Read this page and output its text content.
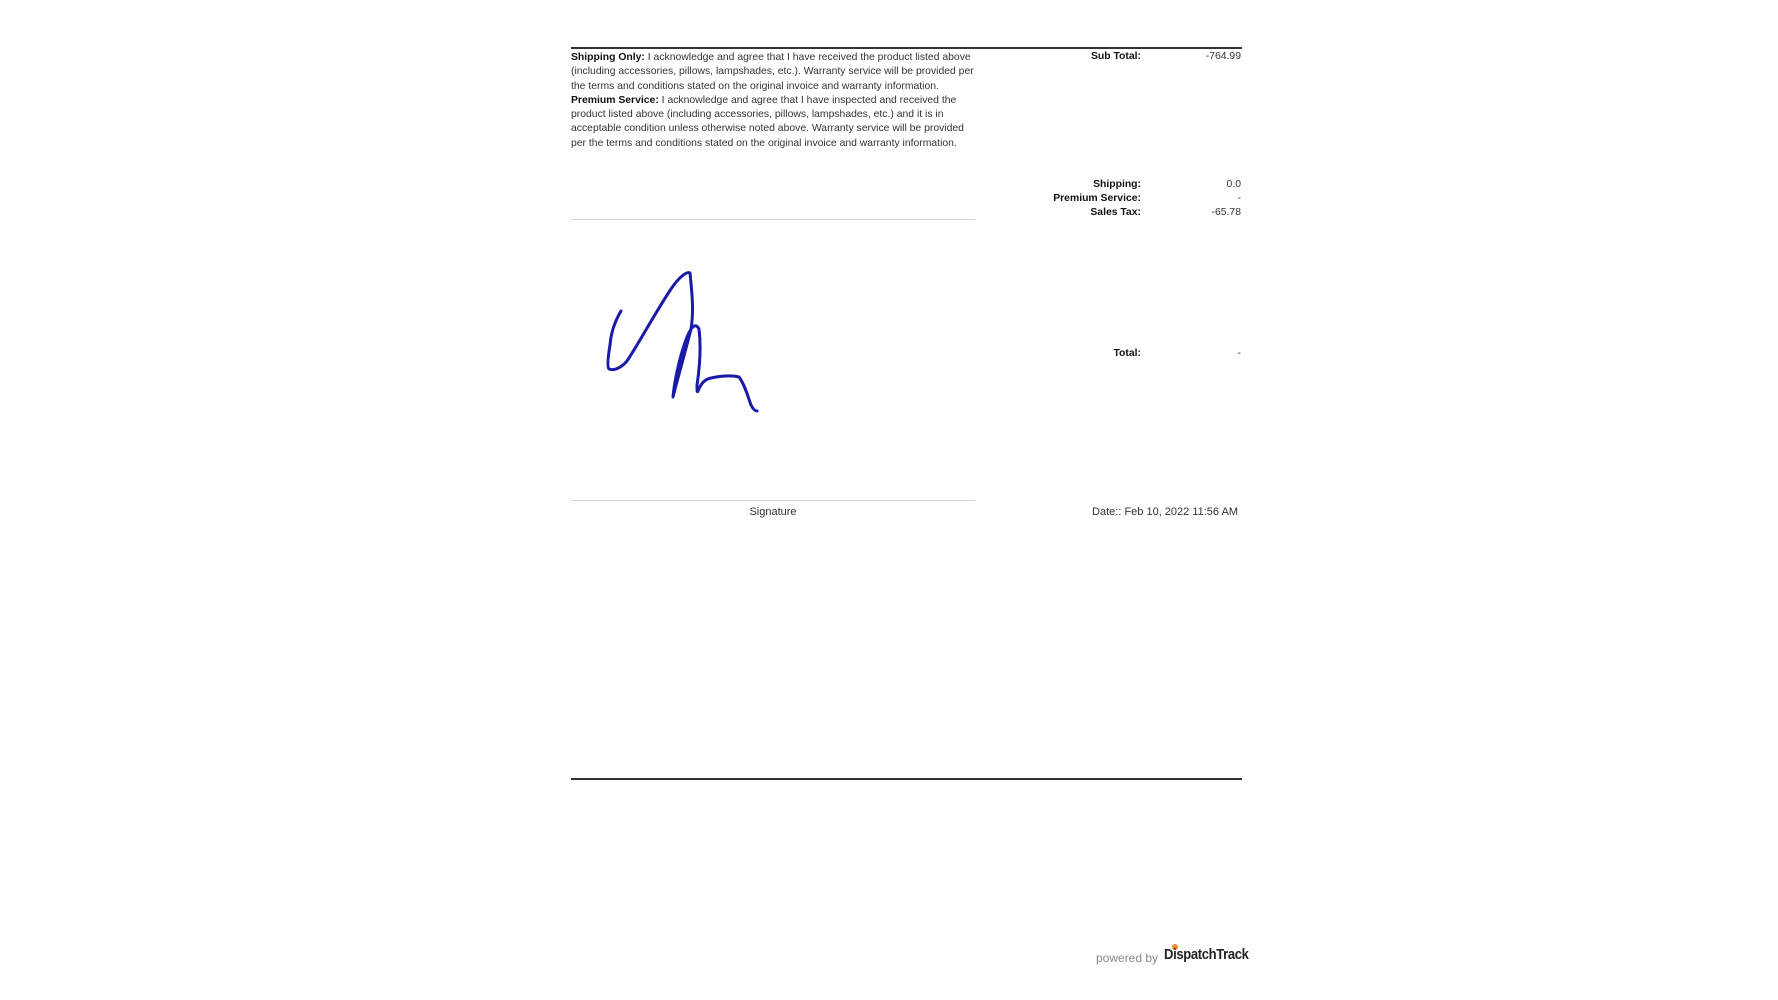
Shipping Only: I acknowledge and agree that I have received the product listed above (including accessories, pillows, lampshades, etc.). Warranty service will be provided per the terms and conditions stated on the original invoice and warranty information.

Premium Service: I acknowledge and agree that I have inspected and received the product listed above (including accessories, pillows, lampshades, etc.) and it is in acceptable condition unless otherwise noted above. Warranty service will be provided per the terms and conditions stated on the original invoice and warranty information.

Sub Total:	-764.99
Shipping:	0.0
Premium Service:	-
Sales Tax:	-65.78
Total:	-
Signature	Date:: Feb 10, 2022 11:56 AM
powered by DispatchTrack
